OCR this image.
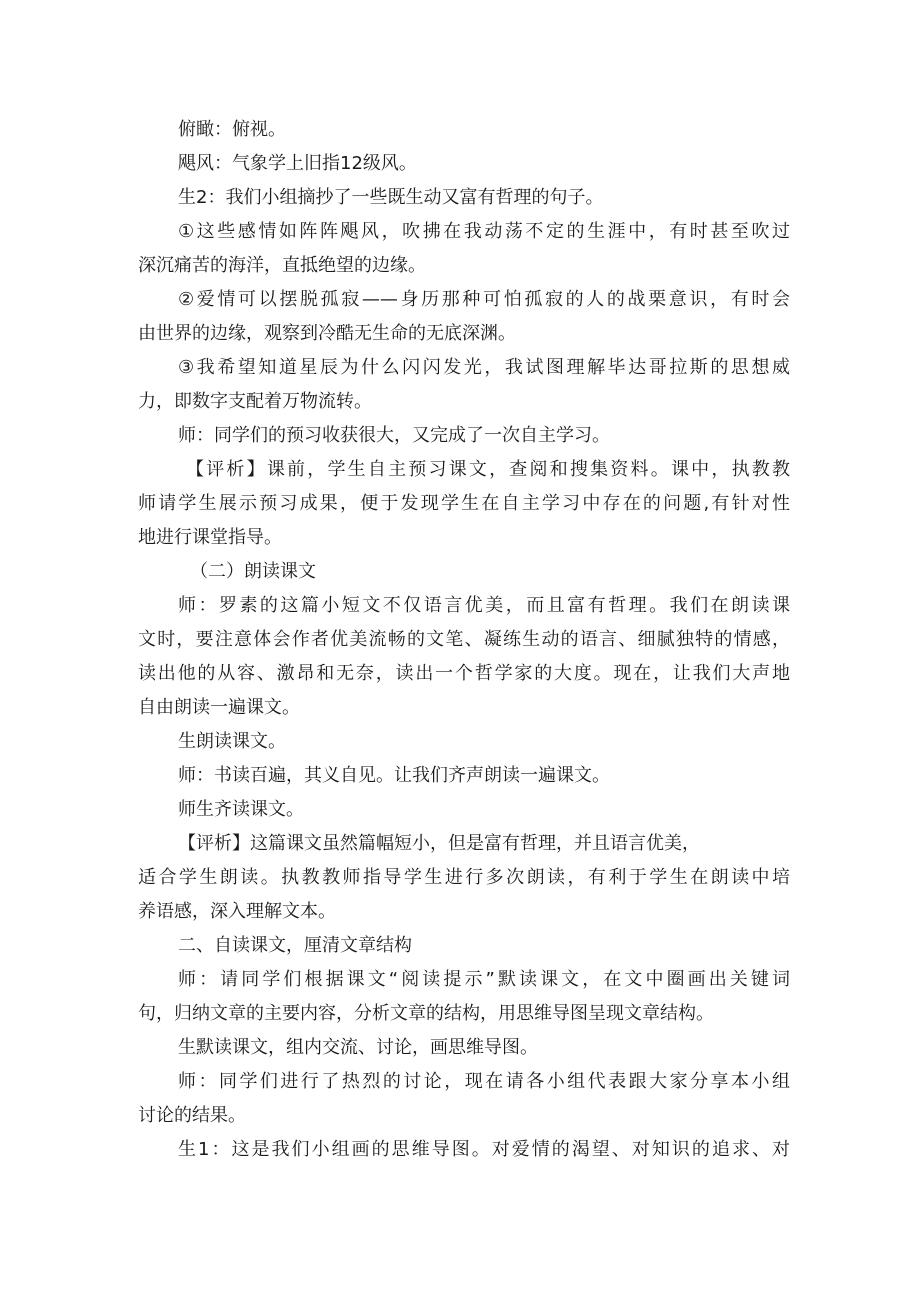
俯瞰：俯视。
飓风：气象学上旧指12级风。
生2：我们小组摘抄了一些既生动又富有哲理的句子。
①这些感情如阵阵飓风，吹拂在我动荡不定的生涯中，有时甚至吹过
深沉痛苦的海洋，直抵绝望的边缘。
②爱情可以摆脱孤寂——身历那种可怕孤寂的人的战栗意识，有时会
由世界的边缘，观察到冷酷无生命的无底深渊。
③我希望知道星辰为什么闪闪发光，我试图理解毕达哥拉斯的思想威
力，即数字支配着万物流转。
师：同学们的预习收获很大，又完成了一次自主学习。
【评析】课前，学生自主预习课文，查阅和搜集资料。课中，执教教
师请学生展示预习成果，便于发现学生在自主学习中存在的问题,有针对性
地进行课堂指导。
（二）朗读课文
师：罗素的这篇小短文不仅语言优美，而且富有哲理。我们在朗读课
文时，要注意体会作者优美流畅的文笔、凝练生动的语言、细腻独特的情感，
读出他的从容、激昂和无奈，读出一个哲学家的大度。现在，让我们大声地
自由朗读一遍课文。
生朗读课文。
师：书读百遍，其义自见。让我们齐声朗读一遍课文。
师生齐读课文。
【评析】这篇课文虽然篇幅短小，但是富有哲理，并且语言优美，
适合学生朗读。执教教师指导学生进行多次朗读，有利于学生在朗读中培
养语感，深入理解文本。
二、自读课文，厘清文章结构
师：请同学们根据课文“阅读提示”默读课文，在文中圈画出关键词
句，归纳文章的主要内容，分析文章的结构，用思维导图呈现文章结构。
生默读课文，组内交流、讨论，画思维导图。
师：同学们进行了热烈的讨论，现在请各小组代表跟大家分享本小组
讨论的结果。
生1：这是我们小组画的思维导图。对爱情的渴望、对知识的追求、对
